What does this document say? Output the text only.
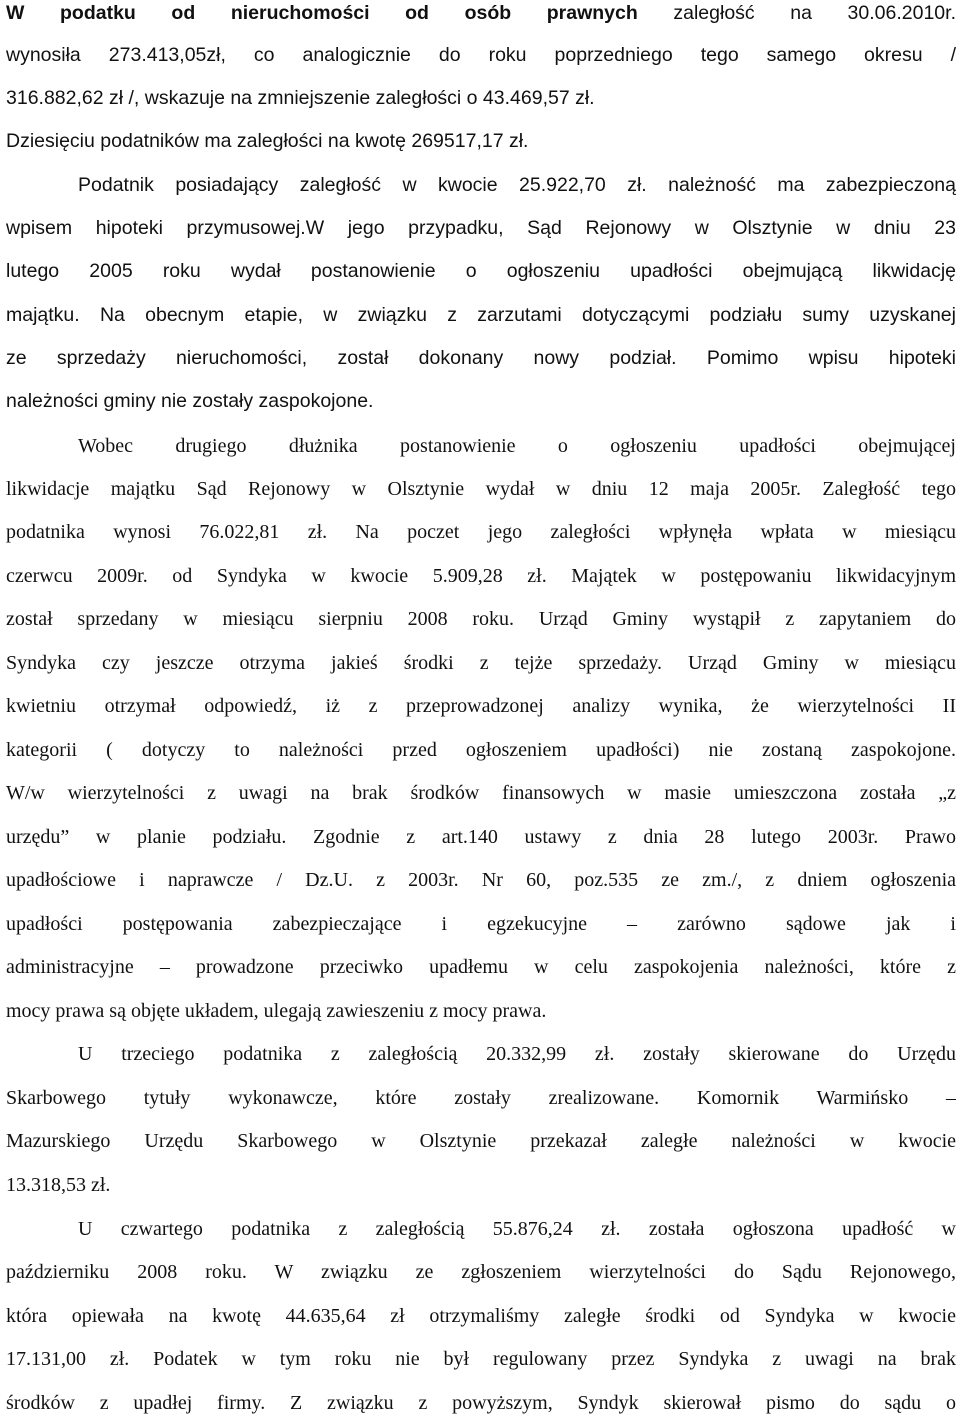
W podatku od nieruchomości od osób prawnych zaległość na 30.06.2010r.
wynosiła 273.413,05zł, co analogicznie do roku poprzedniego tego samego okresu /
316.882,62 zł /, wskazuje na zmniejszenie zaległości o 43.469,57 zł.
Dziesięciu podatników ma zaległości na kwotę 269517,17 zł.
Podatnik posiadający zaległość w kwocie 25.922,70 zł. należność ma zabezpieczoną
wpisem hipoteki przymusowej.W jego przypadku, Sąd Rejonowy w Olsztynie w dniu 23
lutego 2005 roku wydał postanowienie o ogłoszeniu upadłości obejmującą likwidację
majątku. Na obecnym etapie, w związku z zarzutami dotyczącymi podziału sumy uzyskanej
ze sprzedaży nieruchomości, został dokonany nowy podział. Pomimo wpisu hipoteki
należności gminy nie zostały zaspokojone.
Wobec drugiego dłużnika postanowienie o ogłoszeniu upadłości obejmującej
likwidacje majątku Sąd Rejonowy w Olsztynie wydał w dniu 12 maja 2005r. Zaległość tego
podatnika wynosi 76.022,81 zł. Na poczet jego zaległości wpłynęła wpłata w miesiącu
czerwcu 2009r. od Syndyka w kwocie 5.909,28 zł. Majątek w postępowaniu likwidacyjnym
został sprzedany w miesiącu sierpniu 2008 roku. Urząd Gminy wystąpił z zapytaniem do
Syndyka czy jeszcze otrzyma jakieś środki z tejże sprzedaży. Urząd Gminy w miesiącu
kwietniu otrzymał odpowiedź, iż z przeprowadzonej analizy wynika, że wierzytelności II
kategorii ( dotyczy to należności przed ogłoszeniem upadłości) nie zostaną zaspokojone.
W/w wierzytelności z uwagi na brak środków finansowych w masie umieszczona została „z
urzędu” w planie podziału. Zgodnie z art.140 ustawy z dnia 28 lutego 2003r. Prawo
upadłościowe i naprawcze / Dz.U. z 2003r. Nr 60, poz.535 ze zm./, z dniem ogłoszenia
upadłości postępowania zabezpieczające i egzekucyjne – zarówno sądowe jak i
administracyjne – prowadzone przeciwko upadłemu w celu zaspokojenia należności, które z
mocy prawa są objęte układem, ulegają zawieszeniu z mocy prawa.
U trzeciego podatnika z zaległością 20.332,99 zł. zostały skierowane do Urzędu
Skarbowego tytuły wykonawcze, które zostały zrealizowane. Komornik Warmińsko –
Mazurskiego Urzędu Skarbowego w Olsztynie przekazał zaległe należności w kwocie
13.318,53 zł.
U czwartego podatnika z zaległością 55.876,24 zł. została ogłoszona upadłość w
październiku 2008 roku. W związku ze zgłoszeniem wierzytelności do Sądu Rejonowego,
która opiewała na kwotę 44.635,64 zł otrzymaliśmy zaległe środki od Syndyka w kwocie
17.131,00 zł. Podatek w tym roku nie był regulowany przez Syndyka z uwagi na brak
środków z upadłej firmy. Z związku z powyższym, Syndyk skierował pismo do sądu o
